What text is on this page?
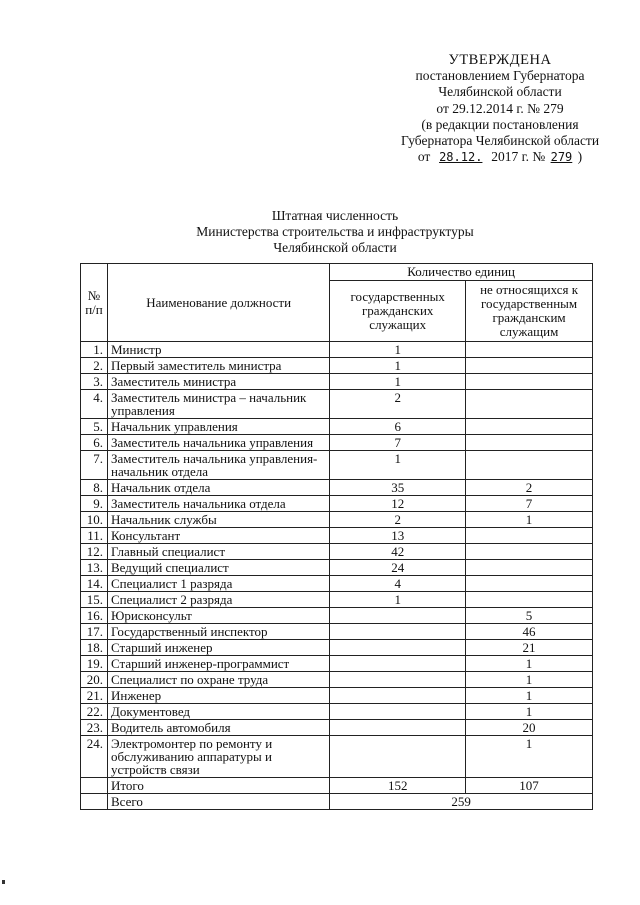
УТВЕРЖДЕНА
постановлением Губернатора
Челябинской области
от 29.12.2014 г. № 279
(в редакции постановления
Губернатора Челябинской области
от 28.12. 2017 г. № 279 )
Штатная численность
Министерства строительства и инфраструктуры
Челябинской области
№ п/п	Наименование должности	Количество единиц	
		государственных гражданских служащих	не относящихся к государственным гражданским служащим
1.	Министр	1	
2.	Первый заместитель министра	1	
3.	Заместитель министра	1	
4.	Заместитель министра – начальник управления	2	
5.	Начальник управления	6	
6.	Заместитель начальника управления	7	
7.	Заместитель начальника управления-начальник отдела	1	
8.	Начальник отдела	35	2
9.	Заместитель начальника отдела	12	7
10.	Начальник службы	2	1
11.	Консультант	13	
12.	Главный специалист	42	
13.	Ведущий специалист	24	
14.	Специалист 1 разряда	4	
15.	Специалист 2 разряда	1	
16.	Юрисконсульт		5
17.	Государственный инспектор		46
18.	Старший инженер		21
19.	Старший инженер-программист		1
20.	Специалист по охране труда		1
21.	Инженер		1
22.	Документовед		1
23.	Водитель автомобиля		20
24.	Электромонтер по ремонту и обслуживанию аппаратуры и устройств связи		1
	Итого	152	107
	Всего	259	
